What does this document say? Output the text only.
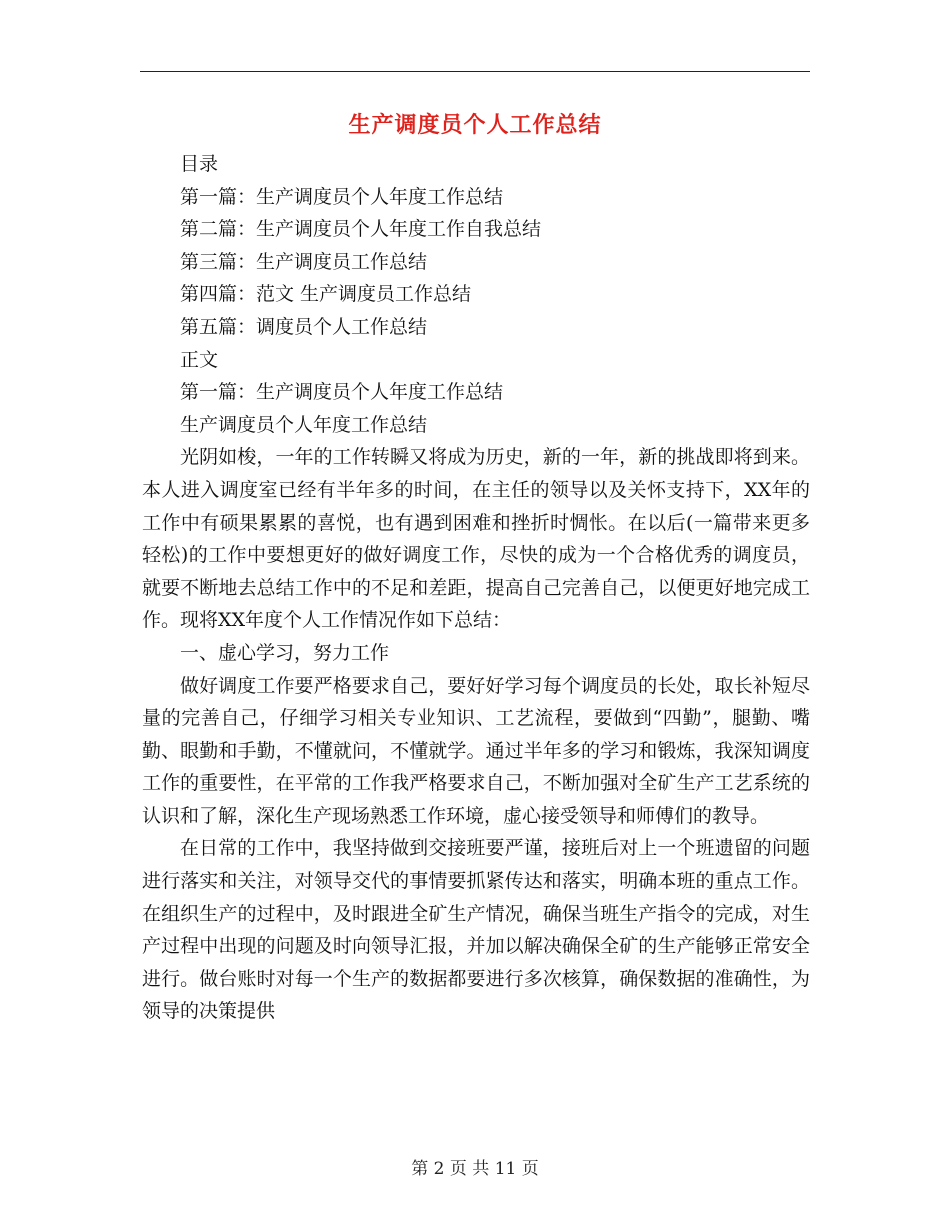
生产调度员个人工作总结

目录

第一篇：生产调度员个人年度工作总结

第二篇：生产调度员个人年度工作自我总结

第三篇：生产调度员工作总结

第四篇：范文 生产调度员工作总结

第五篇：调度员个人工作总结

正文

第一篇：生产调度员个人年度工作总结

生产调度员个人年度工作总结

光阴如梭，一年的工作转瞬又将成为历史，新的一年，新的挑战即将到来。本人进入调度室已经有半年多的时间，在主任的领导以及关怀支持下，XX年的工作中有硕果累累的喜悦，也有遇到困难和挫折时惆怅。在以后(一篇带来更多轻松)的工作中要想更好的做好调度工作，尽快的成为一个合格优秀的调度员，就要不断地去总结工作中的不足和差距，提高自己完善自己，以便更好地完成工作。现将XX年度个人工作情况作如下总结：

一、虚心学习，努力工作

做好调度工作要严格要求自己，要好好学习每个调度员的长处，取长补短尽量的完善自己，仔细学习相关专业知识、工艺流程，要做到“四勤”，腿勤、嘴勤、眼勤和手勤，不懂就问，不懂就学。通过半年多的学习和锻炼，我深知调度工作的重要性，在平常的工作我严格要求自己，不断加强对全矿生产工艺系统的认识和了解，深化生产现场熟悉工作环境，虚心接受领导和师傅们的教导。

在日常的工作中，我坚持做到交接班要严谨，接班后对上一个班遗留的问题进行落实和关注，对领导交代的事情要抓紧传达和落实，明确本班的重点工作。在组织生产的过程中，及时跟进全矿生产情况，确保当班生产指令的完成，对生产过程中出现的问题及时向领导汇报，并加以解决确保全矿的生产能够正常安全进行。做台账时对每一个生产的数据都要进行多次核算，确保数据的准确性，为领导的决策提供

第 2 页 共 11 页
